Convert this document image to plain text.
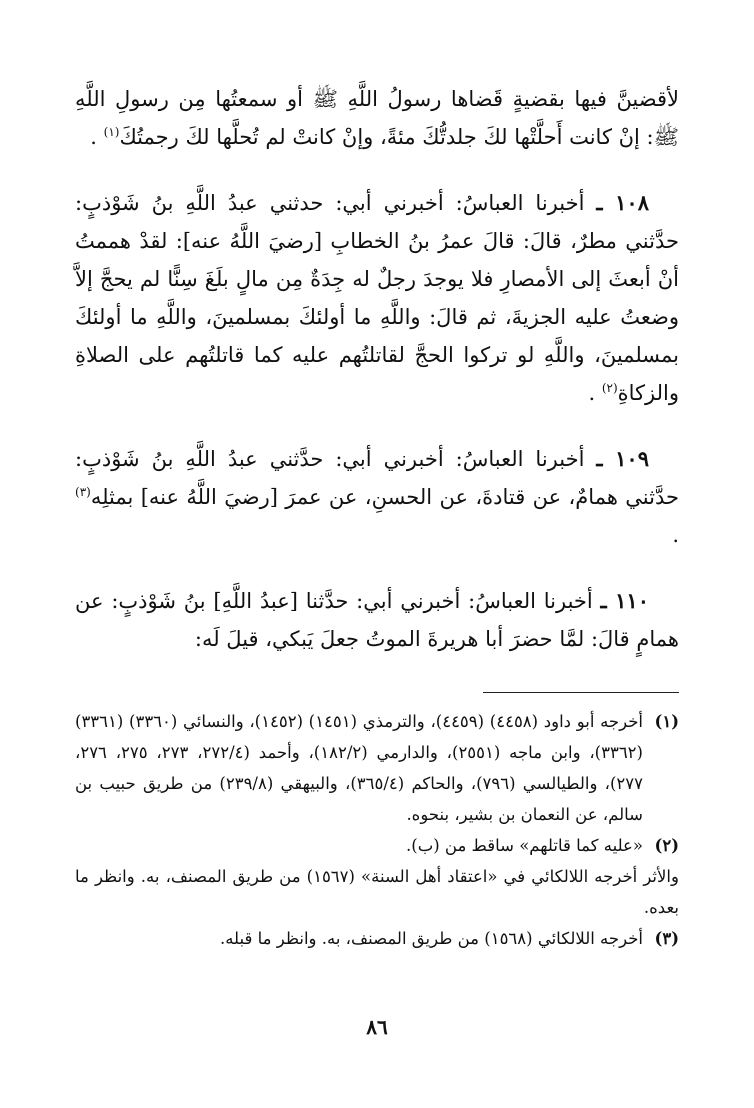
لأقضينَّ فيها بقضيةٍ قَضاها رسولُ اللَّهِ ﷺ أو سمعتُها مِن رسولِ اللَّهِ ﷺ: إنْ كانت أَحلَّتْها لكَ جلدتُّكَ مئةً، وإنْ كانتْ لم تُحلَّها لكَ رجمتُكَ$^{(١)}$ .

١٠٨ ـ أخبرنا العباسُ: أخبرني أبي: حدثني عبدُ اللَّهِ بنُ شَوْذبٍ: حدَّثني مطرٌ، قالَ: قالَ عمرُ بنُ الخطابِ [رضيَ اللَّهُ عنه]: لقدْ هممتُ أنْ أبعثَ إلى الأمصارِ فلا يوجدَ رجلٌ له جِدَةٌ مِن مالٍ بلَغَ سِنًّا لم يحجَّ إلاَّ وضعتُ عليه الجزيةَ، ثم قالَ: واللَّهِ ما أولئكَ بمسلمينَ، واللَّهِ ما أولئكَ بمسلمينَ، واللَّهِ لو تركوا الحجَّ لقاتلتُهم عليه كما قاتلتُهم على الصلاةِ والزكاةِ$^{(٢)}$ .

١٠٩ ـ أخبرنا العباسُ: أخبرني أبي: حدَّثني عبدُ اللَّهِ بنُ شَوْذبٍ: حدَّثني همامٌ، عن قتادةَ، عن الحسنِ، عن عمرَ [رضيَ اللَّهُ عنه] بمثلِه$^{(٣)}$ .

١١٠ ـ أخبرنا العباسُ: أخبرني أبي: حدَّثنا [عبدُ اللَّهِ] بنُ شَوْذبٍ: عن همامٍ قالَ: لمَّا حضرَ أبا هريرةَ الموتُ جعلَ يَبكي، قيلَ لَه:

(١)
أخرجه أبو داود (٤٤٥٨) (٤٤٥٩)، والترمذي (١٤٥١) (١٤٥٢)، والنسائي (٣٣٦٠) (٣٣٦١) (٣٣٦٢)، وابن ماجه (٢٥٥١)، والدارمي (١٨٢/٢)، وأحمد (٢٧٢/٤، ٢٧٣، ٢٧٥، ٢٧٦، ٢٧٧)، والطيالسي (٧٩٦)، والحاكم (٣٦٥/٤)، والبيهقي (٢٣٩/٨) من طريق حبيب بن سالم، عن النعمان بن بشير، بنحوه.
(٢)
«عليه كما قاتلهم» ساقط من (ب).

والأثر أخرجه اللالكائي في «اعتقاد أهل السنة» (١٥٦٧) من طريق المصنف، به. وانظر ما بعده.

(٣)
أخرجه اللالكائي (١٥٦٨) من طريق المصنف، به. وانظر ما قبله.
٨٦
